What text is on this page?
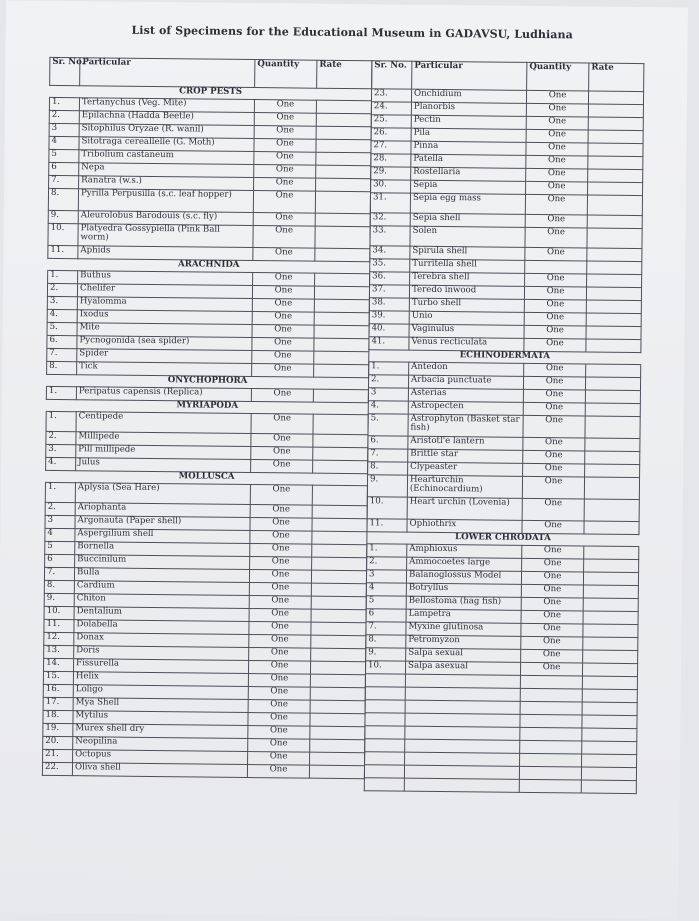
List of Specimens for the Educational Museum in GADAVSU, Ludhiana
Sr. No.	Particular	Quantity	Rate
CROP PESTS			
1.	Tertanychus (Veg. Mite)	One	
2.	Epilachna (Hadda Beetle)	One	
3	Sitophilus Oryzae (R. wanil)	One	
4	Sitotraga cereallelle (G. Moth)	One	
5	Tribolium castaneum	One	
6	Nepa	One	
7.	Ranatra (w.s.)	One	
8.	Pyrilla Perpusilla (s.c. leaf hopper)	One	
9.	Aleurolobus Barodouis (s.c. fly)	One	
10.	Platyedra Gossypiella (Pink Ball worm)	One	
11.	Aphids	One	
ARACHNIDA			
1.	Buthus	One	
2.	Chelifer	One	
3.	Hyalomma	One	
4.	Ixodus	One	
5.	Mite	One	
6.	Pycnogonida (sea spider)	One	
7.	Spider	One	
8.	Tick	One	
ONYCHOPHORA			
1.	Peripatus capensis (Replica)	One	
MYRIAPODA			
1.	Centipede	One	
2.	Millipede	One	
3.	Pill millipede	One	
4.	Julus	One	
MOLLUSCA			
1.	Aplysia (Sea Hare)	One	
2.	Ariophanta	One	
3	Argonauta (Paper shell)	One	
4	Aspergilium shell	One	
5	Bornella	One	
6	Buccinilum	One	
7.	Bulla	One	
8.	Cardium	One	
9.	Chiton	One	
10.	Dentalium	One	
11.	Dolabella	One	
12.	Donax	One	
13.	Doris	One	
14.	Fissurella	One	
15.	Helix	One	
16.	Loligo	One	
17.	Mya Shell	One	
18.	Mytilus	One	
19.	Murex shell dry	One	
20.	Neopilina	One	
21.	Octopus	One	
22.	Oliva shell	One	
Sr. No.	Particular	Quantity	Rate
23.	Onchidium	One	
24.	Planorbis	One	
25.	Pectin	One	
26.	Pila	One	
27.	Pinna	One	
28.	Patella	One	
29.	Rostellaria	One	
30.	Sepia	One	
31.	Sepia egg mass	One	
32.	Sepia shell	One	
33.	Solen	One	
34.	Spirula shell	One	
35.	Turritella shell		
36.	Terebra shell	One	
37.	Teredo inwood	One	
38.	Turbo shell	One	
39.	Unio	One	
40.	Vaginulus	One	
41.	Venus recticulata	One	
ECHINODERMATA			
1.	Antedon	One	
2.	Arbacia punctuate	One	
3	Asterias	One	
4.	Astropecten	One	
5.	Astrophyton (Basket star fish)	One	
6.	Aristotl'e lantern	One	
7.	Brittle star	One	
8.	Clypeaster	One	
9.	Hearturchin (Echinocardium)	One	
10.	Heart urchin (Lovenia)	One	
11.	Ophiothrix	One	
LOWER CHRODATA			
1.	Amphioxus	One	
2.	Ammocoetes large	One	
3	Balanoglossus Model	One	
4	Botryllus	One	
5	Bellostoma (hag fish)	One	
6	Lampetra	One	
7.	Myxine glutinosa	One	
8.	Petromyzon	One	
9.	Salpa sexual	One	
10.	Salpa asexual	One	
